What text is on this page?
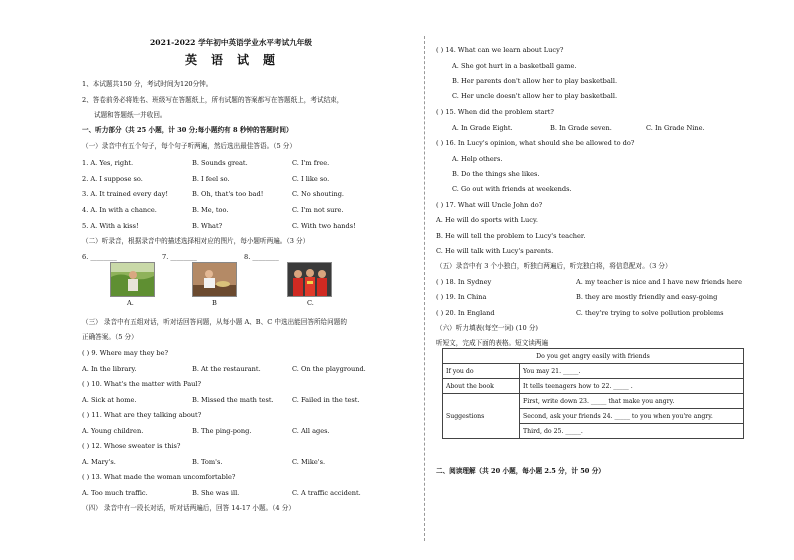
2021-2022 学年初中英语学业水平考试九年级
英语试题
1、本试题共150 分，考试时间为120分钟。
2、答卷前务必将姓名、班级写在答题纸上，所有试题的答案都写在答题纸上，考试结束，
试题和答题纸一并收回。
一、听力部分（共 25 小题，计 30 分;每小题约有 8 秒钟的答题时间）
（一）录音中有五个句子，每个句子听两遍，然后选出最佳答语。（5 分）
1. A. Yes, right.	B. Sounds great.	C. I'm free.
2. A. I suppose so.	B. I feel so.	C. I like so.
3. A. It trained every day!	B. Oh, that's too bad!	C. No shouting.
4. A. In with a chance.	B. Me, too.	C. I'm not sure.
5. A. With a kiss!	B. What?	C. With two hands!
（二）听录音，根据录音中的描述选择相对应的图片，每小题听两遍。（3 分）
6. ________	7. ________	8. ________
A.	B	C.
（三） 录音中有五组对话，听对话回答问题，从每小题 A、B、C 中选出能回答所给问题的
正确答案。（5 分）
( ) 9. Where may they be?
A. In the library.	B. At the restaurant.	C. On the playground.
( ) 10. What's the matter with Paul?
A. Sick at home.	B. Missed the math test.	C. Failed in the test.
( ) 11. What are they talking about?
A. Young children.	B. The ping-pong.	C. All ages.
( ) 12. Whose sweater is this?
A. Mary's.	B. Tom's.	C. Mike's.
( ) 13. What made the woman uncomfortable?
A. Too much traffic.	B. She was ill.	C. A traffic accident.
（四） 录音中有一段长对话，听对话两遍后，回答 14-17 小题。（4 分）
( ) 14. What can we learn about Lucy?
A. She got hurt in a basketball game.
B. Her parents don't allow her to play basketball.
C. Her uncle doesn't allow her to play basketball.
( ) 15. When did the problem start?
A. In Grade Eight.	B. In Grade seven.	C. In Grade Nine.
( ) 16. In Lucy's opinion, what should she be allowed to do?
A. Help others.
B. Do the things she likes.
C. Go out with friends at weekends.
( ) 17. What will Uncle John do?
A. He will do sports with Lucy.
B. He will tell the problem to Lucy's teacher.
C. He will talk with Lucy's parents.
（五）录音中有 3 个小独白，听独白两遍后，听完独白将，将信息配对。（3 分）
( ) 18. In Sydney	A. my teacher is nice and I have new friends here
( ) 19. In China	B. they are mostly friendly and easy-going
( ) 20. In England	C. they're trying to solve pollution problems
（六）听力填表(每空一词) (10 分)
听短文，完成下面的表格。短文读两遍
Do you get angry easily with friends	
If you do	You may 21. _____.
About the book	It tells teenagers how to 22. _____ .
Suggestions	First, write down 23. _____ that make you angry.
	Second, ask your friends 24. _____ to you when you're angry.
	Third, do 25. _____.
二、阅读理解（共 20 小题，每小题 2.5 分，计 50 分）
